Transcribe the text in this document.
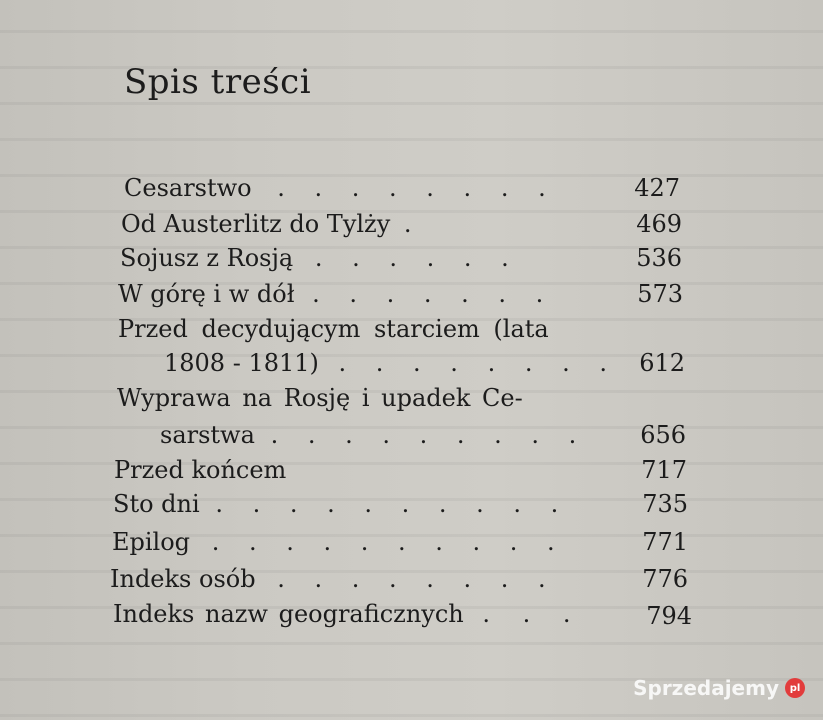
Spis treści
Cesarstwo . . . . . . . .	427
Od Austerlitz do Tylży .	469
Sojusz z Rosją . . . . . .	536
W górę i w dół . . . . . . .	573
Przed decydującym starciem (lata
1808 - 1811) . . . . . . . . 612
Wyprawa na Rosję i upadek Ce-
sarstwa . . . . . . . . .	656
Przed końcem	717
Sto dni . . . . . . . . . .	735
Epilog . . . . . . . . . .	771
Indeks osób . . . . . . . .	776
Indeks nazw geograficznych . . .	794
Sprzedajemy	pl
